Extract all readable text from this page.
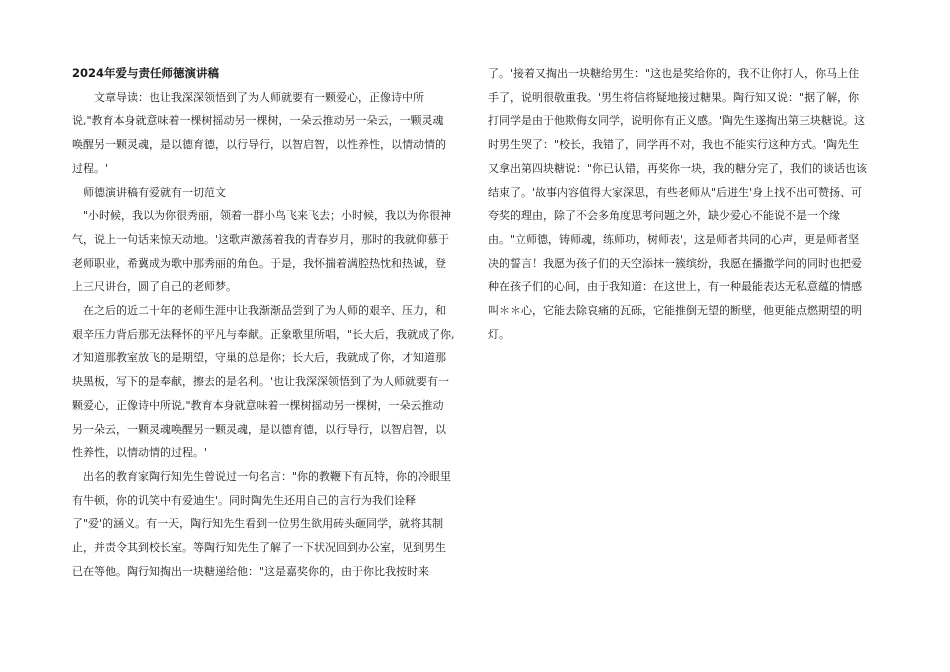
2024年爱与责任师德演讲稿
　　文章导读：也让我深深领悟到了为人师就要有一颗爱心，正像诗中所
说,"教育本身就意味着一棵树摇动另一棵树，一朵云推动另一朵云，一颗灵魂
唤醒另一颗灵魂，是以德育德，以行导行，以智启智，以性养性，以情动情的
过程。'
　师德演讲稿有爱就有一切范文
　"小时候，我以为你很秀丽，领着一群小鸟飞来飞去；小时候，我以为你很神
气，说上一句话来惊天动地。'这歌声激荡着我的青春岁月，那时的我就仰慕于
老师职业，希冀成为歌中那秀丽的角色。于是，我怀揣着满腔热忱和热诚，登
上三尺讲台，圆了自己的老师梦。
　在之后的近二十年的老师生涯中让我渐渐品尝到了为人师的艰辛、压力，和
艰辛压力背后那无法释怀的平凡与奉献。正象歌里所唱，"长大后，我就成了你,
才知道那教室放飞的是期望，守巢的总是你；长大后，我就成了你，才知道那
块黑板，写下的是奉献，擦去的是名利。'也让我深深领悟到了为人师就要有一
颗爱心，正像诗中所说,"教育本身就意味着一棵树摇动另一棵树，一朵云推动
另一朵云，一颗灵魂唤醒另一颗灵魂，是以德育德，以行导行，以智启智，以
性养性，以情动情的过程。'
　出名的教育家陶行知先生曾说过一句名言："你的教鞭下有瓦特，你的冷眼里
有牛顿，你的讥笑中有爱迪生'。同时陶先生还用自己的言行为我们诠释
了"爱'的涵义。有一天，陶行知先生看到一位男生欲用砖头砸同学，就将其制
止，并责令其到校长室。等陶行知先生了解了一下状况回到办公室，见到男生
已在等他。陶行知掏出一块糖递给他："这是嘉奖你的，由于你比我按时来
了。'接着又掏出一块糖给男生："这也是奖给你的，我不让你打人，你马上住
手了，说明很敬重我。'男生将信将疑地接过糖果。陶行知又说："据了解，你
打同学是由于他欺侮女同学，说明你有正义感。'陶先生遂掏出第三块糖说。这
时男生哭了："校长，我错了，同学再不对，我也不能实行这种方式。'陶先生
又拿出第四块糖说："你已认错，再奖你一块，我的糖分完了，我们的谈话也该
结束了。'故事内容值得大家深思，有些老师从"后进生'身上找不出可赞扬、可
夸奖的理由，除了不会多角度思考问题之外，缺少爱心不能说不是一个缘
由。"立师德，铸师魂，练师功，树师表'，这是师者共同的心声，更是师者坚
决的誓言！我愿为孩子们的天空添抹一簇缤纷，我愿在播撒学问的同时也把爱
种在孩子们的心间，由于我知道：在这世上，有一种最能表达无私意蕴的情感
叫＊＊心，它能去除哀痛的瓦砾，它能推倒无望的断壁，他更能点燃期望的明
灯。
